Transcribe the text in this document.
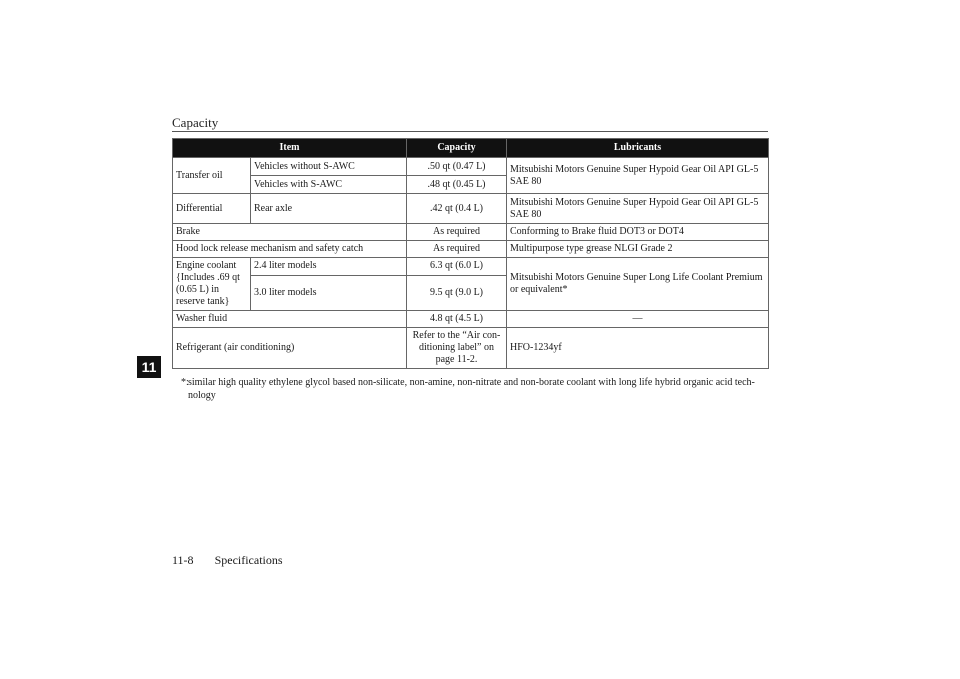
Capacity
11
Item		Capacity	Lubricants
Transfer oil	Vehicles without S-AWC	.50 qt (0.47 L)	Mitsubishi Motors Genuine Super Hypoid Gear Oil API GL-5 SAE 80
	Vehicles with S-AWC	.48 qt (0.45 L)	
Differential	Rear axle	.42 qt (0.4 L)	Mitsubishi Motors Genuine Super Hypoid Gear Oil API GL-5 SAE 80
Brake		As required	Conforming to Brake fluid DOT3 or DOT4
Hood lock release mechanism and safety catch		As required	Multipurpose type grease NLGI Grade 2
Engine coolant {Includes .69 qt (0.65 L) in reserve tank}	2.4 liter models	6.3 qt (6.0 L)	Mitsubishi Motors Genuine Super Long Life Coolant Premium or equivalent*
	3.0 liter models	9.5 qt (9.0 L)	
Washer fluid		4.8 qt (4.5 L)	—
Refrigerant (air conditioning)		Refer to the “Air con-ditioning label” on page 11-2.	HFO-1234yf
*: similar high quality ethylene glycol based non-silicate, non-amine, non-nitrate and non-borate coolant with long life hybrid organic acid tech-nology
11-8 Specifications
